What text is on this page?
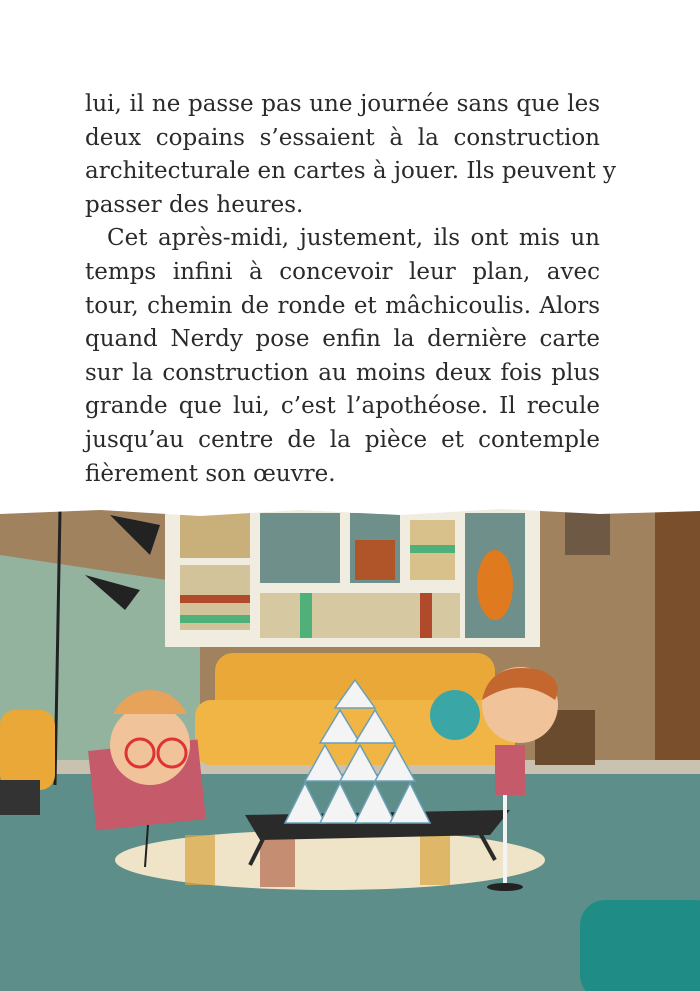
lui, il ne passe pas une journée sans que les
deux copains s’essaient à la construction
architecturale en cartes à jouer. Ils peuvent y
passer des heures.
Cet après-midi, justement, ils ont mis un
temps infini à concevoir leur plan, avec
tour, chemin de ronde et mâchicoulis. Alors
quand Nerdy pose enfin la dernière carte
sur la construction au moins deux fois plus
grande que lui, c’est l’apothéose. Il recule
jusqu’au centre de la pièce et contemple
fièrement son œuvre.
